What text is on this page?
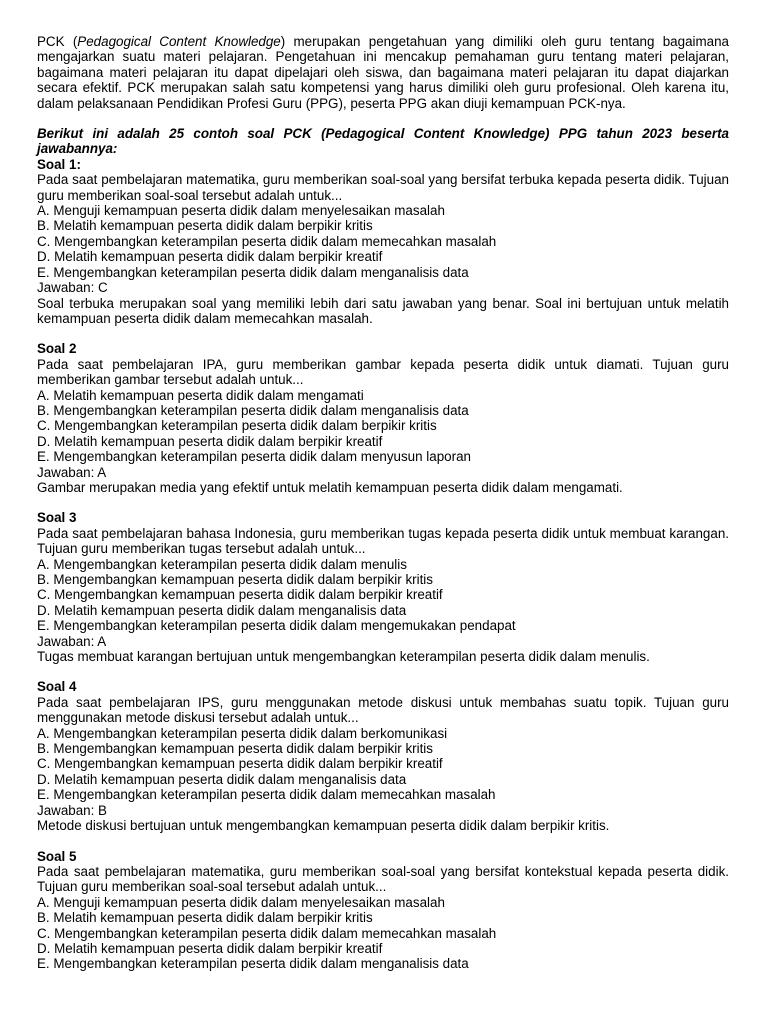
PCK (Pedagogical Content Knowledge) merupakan pengetahuan yang dimiliki oleh guru tentang bagaimana mengajarkan suatu materi pelajaran. Pengetahuan ini mencakup pemahaman guru tentang materi pelajaran, bagaimana materi pelajaran itu dapat dipelajari oleh siswa, dan bagaimana materi pelajaran itu dapat diajarkan secara efektif. PCK merupakan salah satu kompetensi yang harus dimiliki oleh guru profesional. Oleh karena itu, dalam pelaksanaan Pendidikan Profesi Guru (PPG), peserta PPG akan diuji kemampuan PCK-nya.

Berikut ini adalah 25 contoh soal PCK (Pedagogical Content Knowledge) PPG tahun 2023 beserta jawabannya:

Soal 1:

Pada saat pembelajaran matematika, guru memberikan soal-soal yang bersifat terbuka kepada peserta didik. Tujuan guru memberikan soal-soal tersebut adalah untuk...

A. Menguji kemampuan peserta didik dalam menyelesaikan masalah

B. Melatih kemampuan peserta didik dalam berpikir kritis

C. Mengembangkan keterampilan peserta didik dalam memecahkan masalah

D. Melatih kemampuan peserta didik dalam berpikir kreatif

E. Mengembangkan keterampilan peserta didik dalam menganalisis data

Jawaban: C

Soal terbuka merupakan soal yang memiliki lebih dari satu jawaban yang benar. Soal ini bertujuan untuk melatih kemampuan peserta didik dalam memecahkan masalah.

Soal 2

Pada saat pembelajaran IPA, guru memberikan gambar kepada peserta didik untuk diamati. Tujuan guru memberikan gambar tersebut adalah untuk...

A. Melatih kemampuan peserta didik dalam mengamati

B. Mengembangkan keterampilan peserta didik dalam menganalisis data

C. Mengembangkan keterampilan peserta didik dalam berpikir kritis

D. Melatih kemampuan peserta didik dalam berpikir kreatif

E. Mengembangkan keterampilan peserta didik dalam menyusun laporan

Jawaban: A

Gambar merupakan media yang efektif untuk melatih kemampuan peserta didik dalam mengamati.

Soal 3

Pada saat pembelajaran bahasa Indonesia, guru memberikan tugas kepada peserta didik untuk membuat karangan. Tujuan guru memberikan tugas tersebut adalah untuk...

A. Mengembangkan keterampilan peserta didik dalam menulis

B. Mengembangkan kemampuan peserta didik dalam berpikir kritis

C. Mengembangkan kemampuan peserta didik dalam berpikir kreatif

D. Melatih kemampuan peserta didik dalam menganalisis data

E. Mengembangkan keterampilan peserta didik dalam mengemukakan pendapat

Jawaban: A

Tugas membuat karangan bertujuan untuk mengembangkan keterampilan peserta didik dalam menulis.

Soal 4

Pada saat pembelajaran IPS, guru menggunakan metode diskusi untuk membahas suatu topik. Tujuan guru menggunakan metode diskusi tersebut adalah untuk...

A. Mengembangkan keterampilan peserta didik dalam berkomunikasi

B. Mengembangkan kemampuan peserta didik dalam berpikir kritis

C. Mengembangkan kemampuan peserta didik dalam berpikir kreatif

D. Melatih kemampuan peserta didik dalam menganalisis data

E. Mengembangkan keterampilan peserta didik dalam memecahkan masalah

Jawaban: B

Metode diskusi bertujuan untuk mengembangkan kemampuan peserta didik dalam berpikir kritis.

Soal 5

Pada saat pembelajaran matematika, guru memberikan soal-soal yang bersifat kontekstual kepada peserta didik. Tujuan guru memberikan soal-soal tersebut adalah untuk...

A. Menguji kemampuan peserta didik dalam menyelesaikan masalah

B. Melatih kemampuan peserta didik dalam berpikir kritis

C. Mengembangkan keterampilan peserta didik dalam memecahkan masalah

D. Melatih kemampuan peserta didik dalam berpikir kreatif

E. Mengembangkan keterampilan peserta didik dalam menganalisis data
